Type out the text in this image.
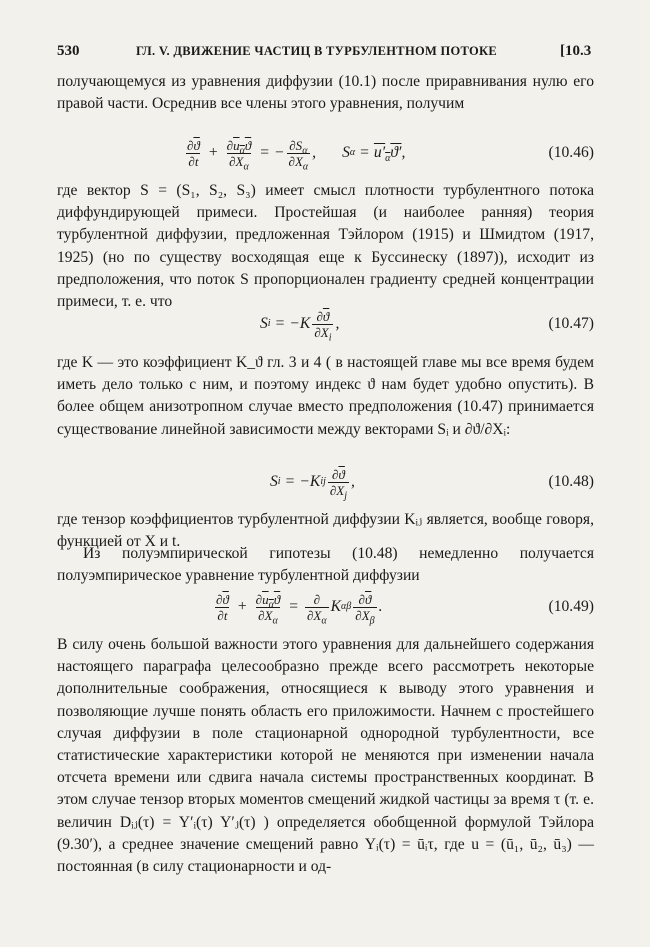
530	ГЛ. V. ДВИЖЕНИЕ ЧАСТИЦ В ТУРБУЛЕНТНОМ ПОТОКЕ	[10.3

получающемуся из уравнения диффузии (10.1) после приравнивания нулю его правой части. Осреднив все члены этого уравнения, получим

$\frac{\partial\overline{ϑ}}{\partial t} + \frac{\partial u_\alpha ϑ}{\partial X_\alpha}$ = − $\frac{\partial S_\alpha}{\partial X_\alpha}$ ,
S $\alpha = u'_\alpha ϑ'$ ,	(10.46)

где вектор S = (S₁, S₂, S₃) имеет смысл плотности турбулентного потока диффундирующей примеси. Простейшая (и наиболее ранняя) теория турбулентной диффузии, предложенная Тэйлором (1915) и Шмидтом (1917, 1925) (но по существу восходящая еще к Буссинеску (1897)), исходит из предположения, что поток S пропорционален градиенту средней концентрации примеси, т. е. что

S $i = -K \frac{\partial\overline{ϑ}}{\partial X_i}$ ,	(10.47)

где K — это коэффициент K_ϑ гл. 3 и 4 ( в настоящей главе мы все время будем иметь дело только с ним, и поэтому индекс ϑ нам будет удобно опустить). В более общем анизотропном случае вместо предположения (10.47) принимается существование линейной зависимости между векторами Sᵢ и ∂ϑ/∂Xᵢ:

S i = −K ij $\frac{\partial\overline{ϑ}}{\partial X_j}$ ,	(10.48)

где тензор коэффициентов турбулентной диффузии Kᵢⱼ является, вообще говоря, функцией от X и t.

Из полуэмпирической гипотезы (10.48) немедленно получается полуэмпирическое уравнение турбулентной диффузии

$\frac{\partial\overline{ϑ}}{\partial t} + \frac{\partial u_\alpha ϑ}{\partial X_\alpha} = \frac{\partial}{\partial X_\alpha}$ K αβ $\frac{\partial\overline{ϑ}}{\partial X_\beta}$ .	(10.49)

В силу очень большой важности этого уравнения для дальнейшего содержания настоящего параграфа целесообразно прежде всего рассмотреть некоторые дополнительные соображения, относящиеся к выводу этого уравнения и позволяющие лучше понять область его приложимости. Начнем с простейшего случая диффузии в поле стационарной однородной турбулентности, все статистические характеристики которой не меняются при изменении начала отсчета времени или сдвига начала системы пространственных координат. В этом случае тензор вторых моментов смещений жидкой частицы за время τ (т. е. величин Dᵢⱼ(τ) = Y′ᵢ(τ) Y′ⱼ(τ) ) определяется обобщенной формулой Тэйлора (9.30′), а среднее значение смещений равно Yᵢ(τ) = ūᵢτ, где u = (ū₁, ū₂, ū₃) — постоянная (в силу стационарности и од-
